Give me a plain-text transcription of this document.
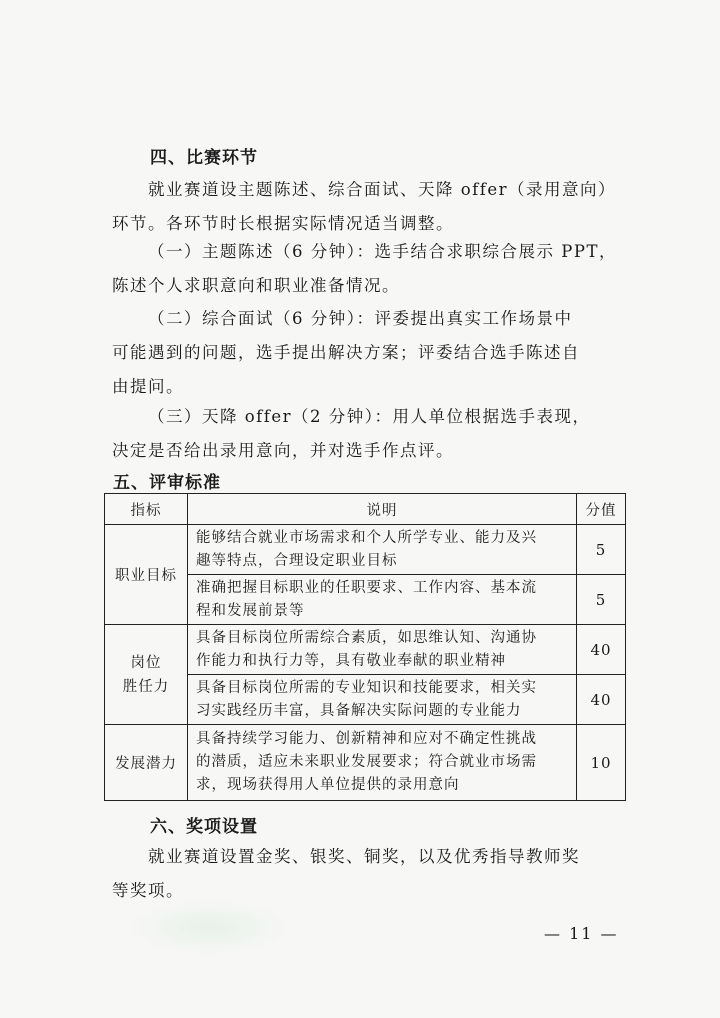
四、比赛环节

就业赛道设主题陈述、综合面试、天降 offer（录用意向）
环节。各环节时长根据实际情况适当调整。

（一）主题陈述（6 分钟）：选手结合求职综合展示 PPT，
陈述个人求职意向和职业准备情况。

（二）综合面试（6 分钟）：评委提出真实工作场景中
可能遇到的问题，选手提出解决方案；评委结合选手陈述自
由提问。

（三）天降 offer（2 分钟）：用人单位根据选手表现，
决定是否给出录用意向，并对选手作点评。

五、评审标准
指标	说明	分值
职业目标	能够结合就业市场需求和个人所学专业、能力及兴
趣等特点，合理设定职业目标	5
	准确把握目标职业的任职要求、工作内容、基本流
程和发展前景等	5
岗位
胜任力	具备目标岗位所需综合素质，如思维认知、沟通协
作能力和执行力等，具有敬业奉献的职业精神	40
	具备目标岗位所需的专业知识和技能要求，相关实
习实践经历丰富，具备解决实际问题的专业能力	40
发展潜力	具备持续学习能力、创新精神和应对不确定性挑战
的潜质，适应未来职业发展要求；符合就业市场需
求，现场获得用人单位提供的录用意向	10
六、奖项设置

就业赛道设置金奖、银奖、铜奖，以及优秀指导教师奖
等奖项。

— 11 —
